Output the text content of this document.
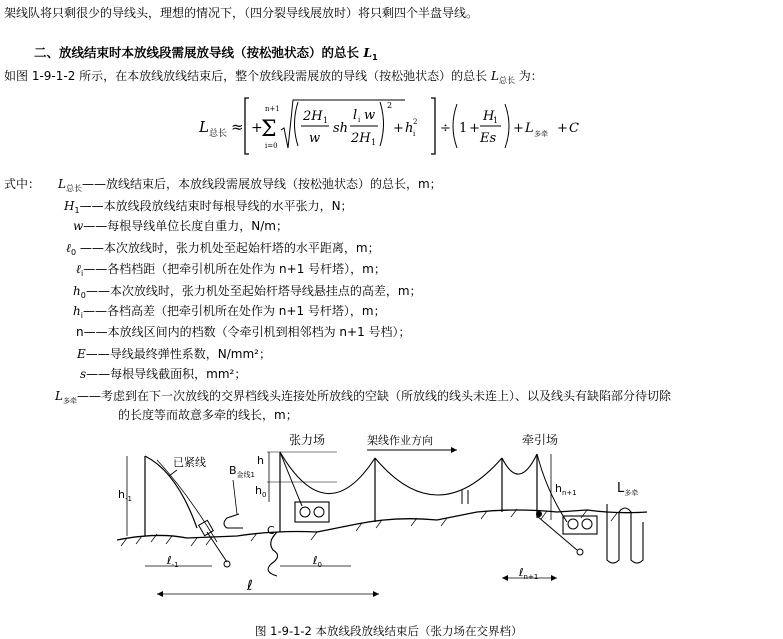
架线队将只剩很少的导线头，理想的情况下，（四分裂导线展放时）将只剩四个半盘导线。
二、放线结束时本放线段需展放导线（按松弛状态）的总长 $L_1$
如图 1-9-1-2 所示，在本放线放线结束后，整个放线段需展放的导线（按松弛状态）的总长 $L_{总长}$ 为：
L 总长 ≈ +
n+1
Σ
i=0
2H 1
w
sh
l i w
2H 1
2
+ h i
2 ÷ 1 +
H
1
Es
+ L 多牵 + C
式中： $L_{总长}——$放线结束后，本放线段需展放导线（按松弛状态）的总长，m；
$H_1——$本放线段放线结束时每根导线的水平张力，N；
w——每根导线单位长度自重力，N/m；
ℓ$_0$ ——本次放线时，张力机处至起始杆塔的水平距离，m；
ℓ$_i$——各档档距（把牵引机所在处作为 n+1 号杆塔），m；
$h_0——$本次放线时，张力机处至起始杆塔导线悬挂点的高差，m；
$h_i——$各档高差（把牵引机所在处作为 n+1 号杆塔），m；
n——本放线区间内的档数（令牵引机到相邻档为 n+1 号档）；
E——导线最终弹性系数，N/mm²；
s——每根导线截面积，mm²；
$L_{多牵}——$考虑到在下一次放线的交界档线头连接处所放线的空缺（所放线的线头未连上）、以及线头有缺陷部分待切除
的长度等而故意多牵的线长，m；
已紧线
$B_{金线1}$
$h_{-1}$
C
h
$h_0$
张力场	架线作业方向	牵引场
$h_{n+1}$	$L_{多牵}$
ℓ$_{-1}$	ℓ$_0$
ℓ
ℓ$_{n+1}$
图 1-9-1-2 本放线段放线结束后（张力场在交界档）
